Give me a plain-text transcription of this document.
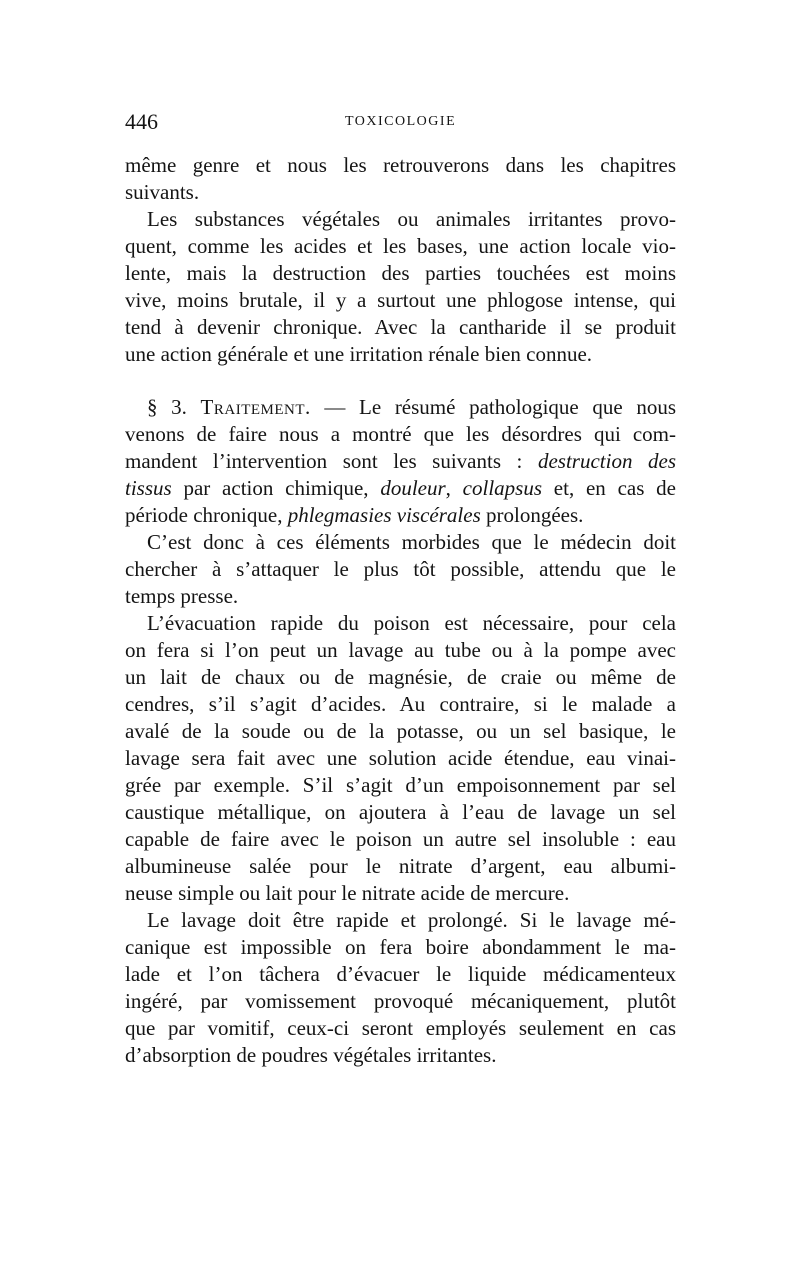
446	TOXICOLOGIE
même genre et nous les retrouverons dans les chapitres
suivants.
Les substances végétales ou animales irritantes provo-
quent, comme les acides et les bases, une action locale vio-
lente, mais la destruction des parties touchées est moins
vive, moins brutale, il y a surtout une phlogose intense, qui
tend à devenir chronique. Avec la cantharide il se produit
une action générale et une irritation rénale bien connue.
§ 3. Traitement. — Le résumé pathologique que nous
venons de faire nous a montré que les désordres qui com-
mandent l’intervention sont les suivants : destruction des
tissus par action chimique, douleur, collapsus et, en cas de
période chronique, phlegmasies viscérales prolongées.
C’est donc à ces éléments morbides que le médecin doit
chercher à s’attaquer le plus tôt possible, attendu que le
temps presse.
L’évacuation rapide du poison est nécessaire, pour cela
on fera si l’on peut un lavage au tube ou à la pompe avec
un lait de chaux ou de magnésie, de craie ou même de
cendres, s’il s’agit d’acides. Au contraire, si le malade a
avalé de la soude ou de la potasse, ou un sel basique, le
lavage sera fait avec une solution acide étendue, eau vinai-
grée par exemple. S’il s’agit d’un empoisonnement par sel
caustique métallique, on ajoutera à l’eau de lavage un sel
capable de faire avec le poison un autre sel insoluble : eau
albumineuse salée pour le nitrate d’argent, eau albumi-
neuse simple ou lait pour le nitrate acide de mercure.
Le lavage doit être rapide et prolongé. Si le lavage mé-
canique est impossible on fera boire abondamment le ma-
lade et l’on tâchera d’évacuer le liquide médicamenteux
ingéré, par vomissement provoqué mécaniquement, plutôt
que par vomitif, ceux-ci seront employés seulement en cas
d’absorption de poudres végétales irritantes.
